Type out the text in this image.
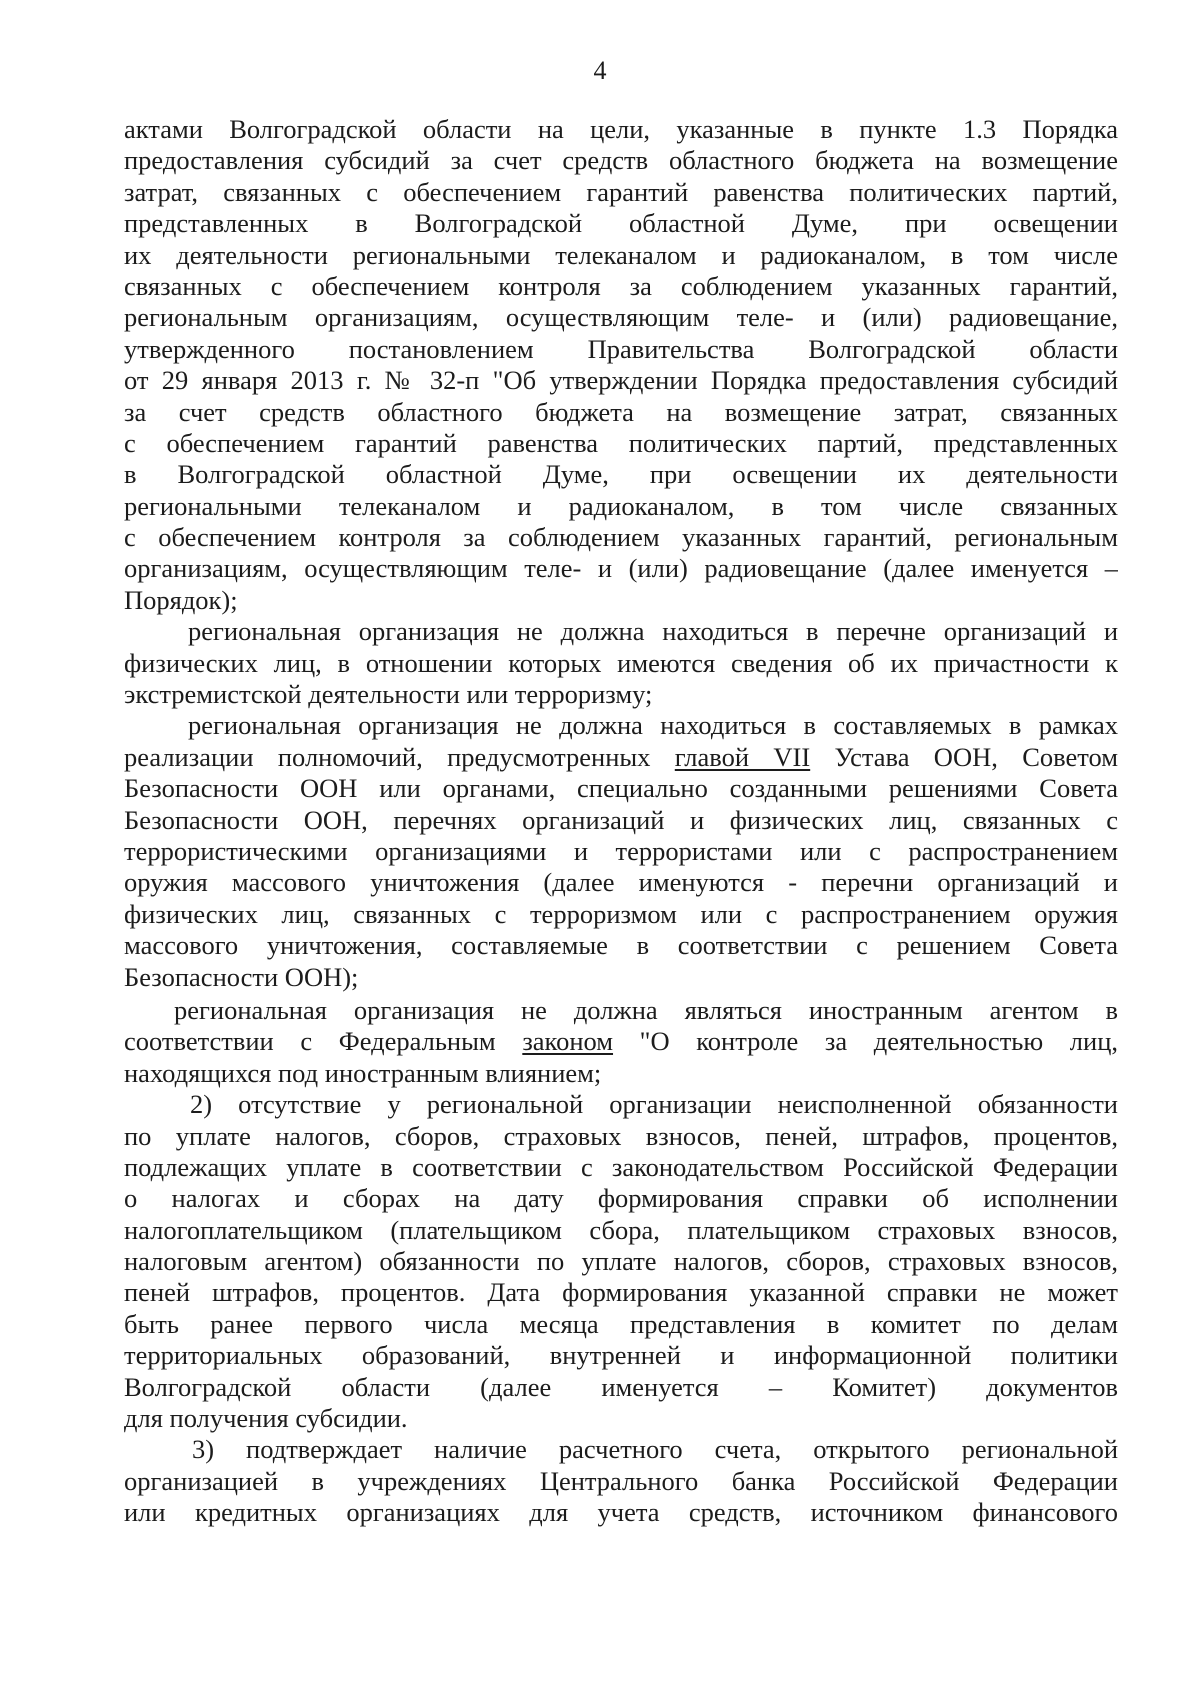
4
актами Волгоградской области на цели, указанные в пункте 1.3 Порядка
предоставления субсидий за счет средств областного бюджета на возмещение
затрат, связанных с обеспечением гарантий равенства политических партий,
представленных в Волгоградской областной Думе, при освещении
их деятельности региональными телеканалом и радиоканалом, в том числе
связанных с обеспечением контроля за соблюдением указанных гарантий,
региональным организациям, осуществляющим теле- и (или) радиовещание,
утвержденного постановлением Правительства Волгоградской области
от 29 января 2013 г. № 32-п "Об утверждении Порядка предоставления субсидий
за счет средств областного бюджета на возмещение затрат, связанных
с обеспечением гарантий равенства политических партий, представленных
в Волгоградской областной Думе, при освещении их деятельности
региональными телеканалом и радиоканалом, в том числе связанных
с обеспечением контроля за соблюдением указанных гарантий, региональным
организациям, осуществляющим теле- и (или) радиовещание (далее именуется –
Порядок);
региональная организация не должна находиться в перечне организаций и
физических лиц, в отношении которых имеются сведения об их причастности к
экстремистской деятельности или терроризму;
региональная организация не должна находиться в составляемых в рамках
реализации полномочий, предусмотренных главой VII Устава ООН, Советом
Безопасности ООН или органами, специально созданными решениями Совета
Безопасности ООН, перечнях организаций и физических лиц, связанных с
террористическими организациями и террористами или с распространением
оружия массового уничтожения (далее именуются - перечни организаций и
физических лиц, связанных с терроризмом или с распространением оружия
массового уничтожения, составляемые в соответствии с решением Совета
Безопасности ООН);
региональная организация не должна являться иностранным агентом в
соответствии с Федеральным законом "О контроле за деятельностью лиц,
находящихся под иностранным влиянием;
2) отсутствие у региональной организации неисполненной обязанности
по уплате налогов, сборов, страховых взносов, пеней, штрафов, процентов,
подлежащих уплате в соответствии с законодательством Российской Федерации
о налогах и сборах на дату формирования справки об исполнении
налогоплательщиком (плательщиком сбора, плательщиком страховых взносов,
налоговым агентом) обязанности по уплате налогов, сборов, страховых взносов,
пеней штрафов, процентов. Дата формирования указанной справки не может
быть ранее первого числа месяца представления в комитет по делам
территориальных образований, внутренней и информационной политики
Волгоградской области (далее именуется – Комитет) документов
для получения субсидии.
3) подтверждает наличие расчетного счета, открытого региональной
организацией в учреждениях Центрального банка Российской Федерации
или кредитных организациях для учета средств, источником финансового
